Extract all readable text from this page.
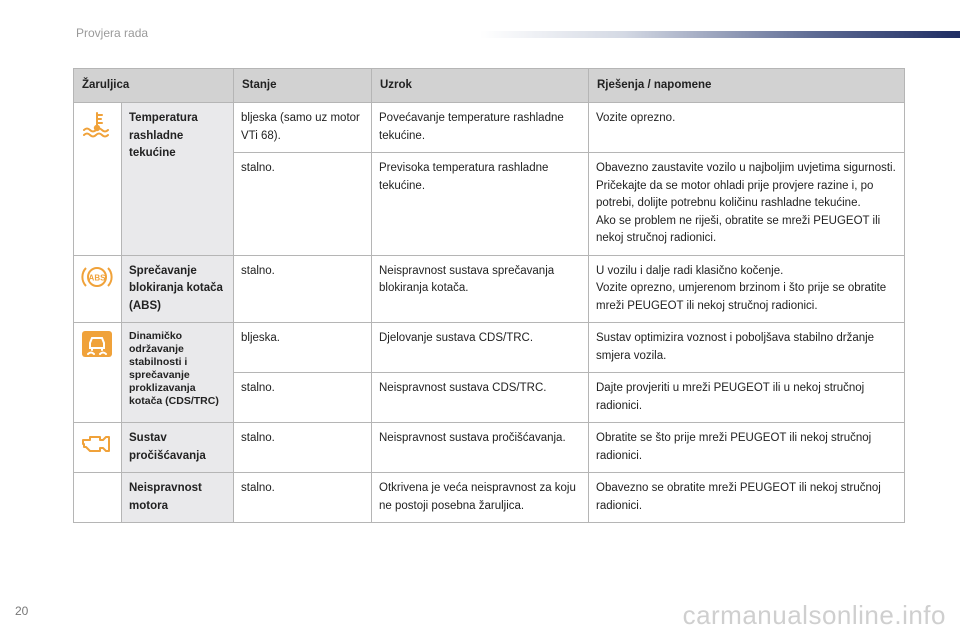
Provjera rada
Žaruljica		Stanje	Uzrok	Rješenja / napomene
	Temperatura rashladne tekućine	bljeska (samo uz motor VTi 68).	Povećavanje temperature rashladne tekućine.	Vozite oprezno.
		stalno.	Previsoka temperatura rashladne tekućine.	Obavezno zaustavite vozilo u najboljim uvjetima sigurnosti.
Pričekajte da se motor ohladi prije provjere razine i, po potrebi, dolijte potrebnu količinu rashladne tekućine.
Ako se problem ne riješi, obratite se mreži PEUGEOT ili nekoj stručnoj radionici.

ABS	Sprečavanje blokiranja kotača (ABS)	stalno.	Neispravnost sustava sprečavanja blokiranja kotača.	U vozilu i dalje radi klasično kočenje.
Vozite oprezno, umjerenom brzinom i što prije se obratite mreži PEUGEOT ili nekoj stručnoj radionici.
	Dinamičko održavanje stabilnosti i sprečavanje proklizavanja kotača (CDS/TRC)	bljeska.	Djelovanje sustava CDS/TRC.	Sustav optimizira voznost i poboljšava stabilno držanje smjera vozila.
		stalno.	Neispravnost sustava CDS/TRC.	Dajte provjeriti u mreži PEUGEOT ili u nekoj stručnoj radionici.
	Sustav pročišćavanja	stalno.	Neispravnost sustava pročišćavanja.	Obratite se što prije mreži PEUGEOT ili nekoj stručnoj radionici.
	Neispravnost motora	stalno.	Otkrivena je veća neispravnost za koju ne postoji posebna žaruljica.	Obavezno se obratite mreži PEUGEOT ili nekoj stručnoj radionici.
20	carmanualsonline.info
